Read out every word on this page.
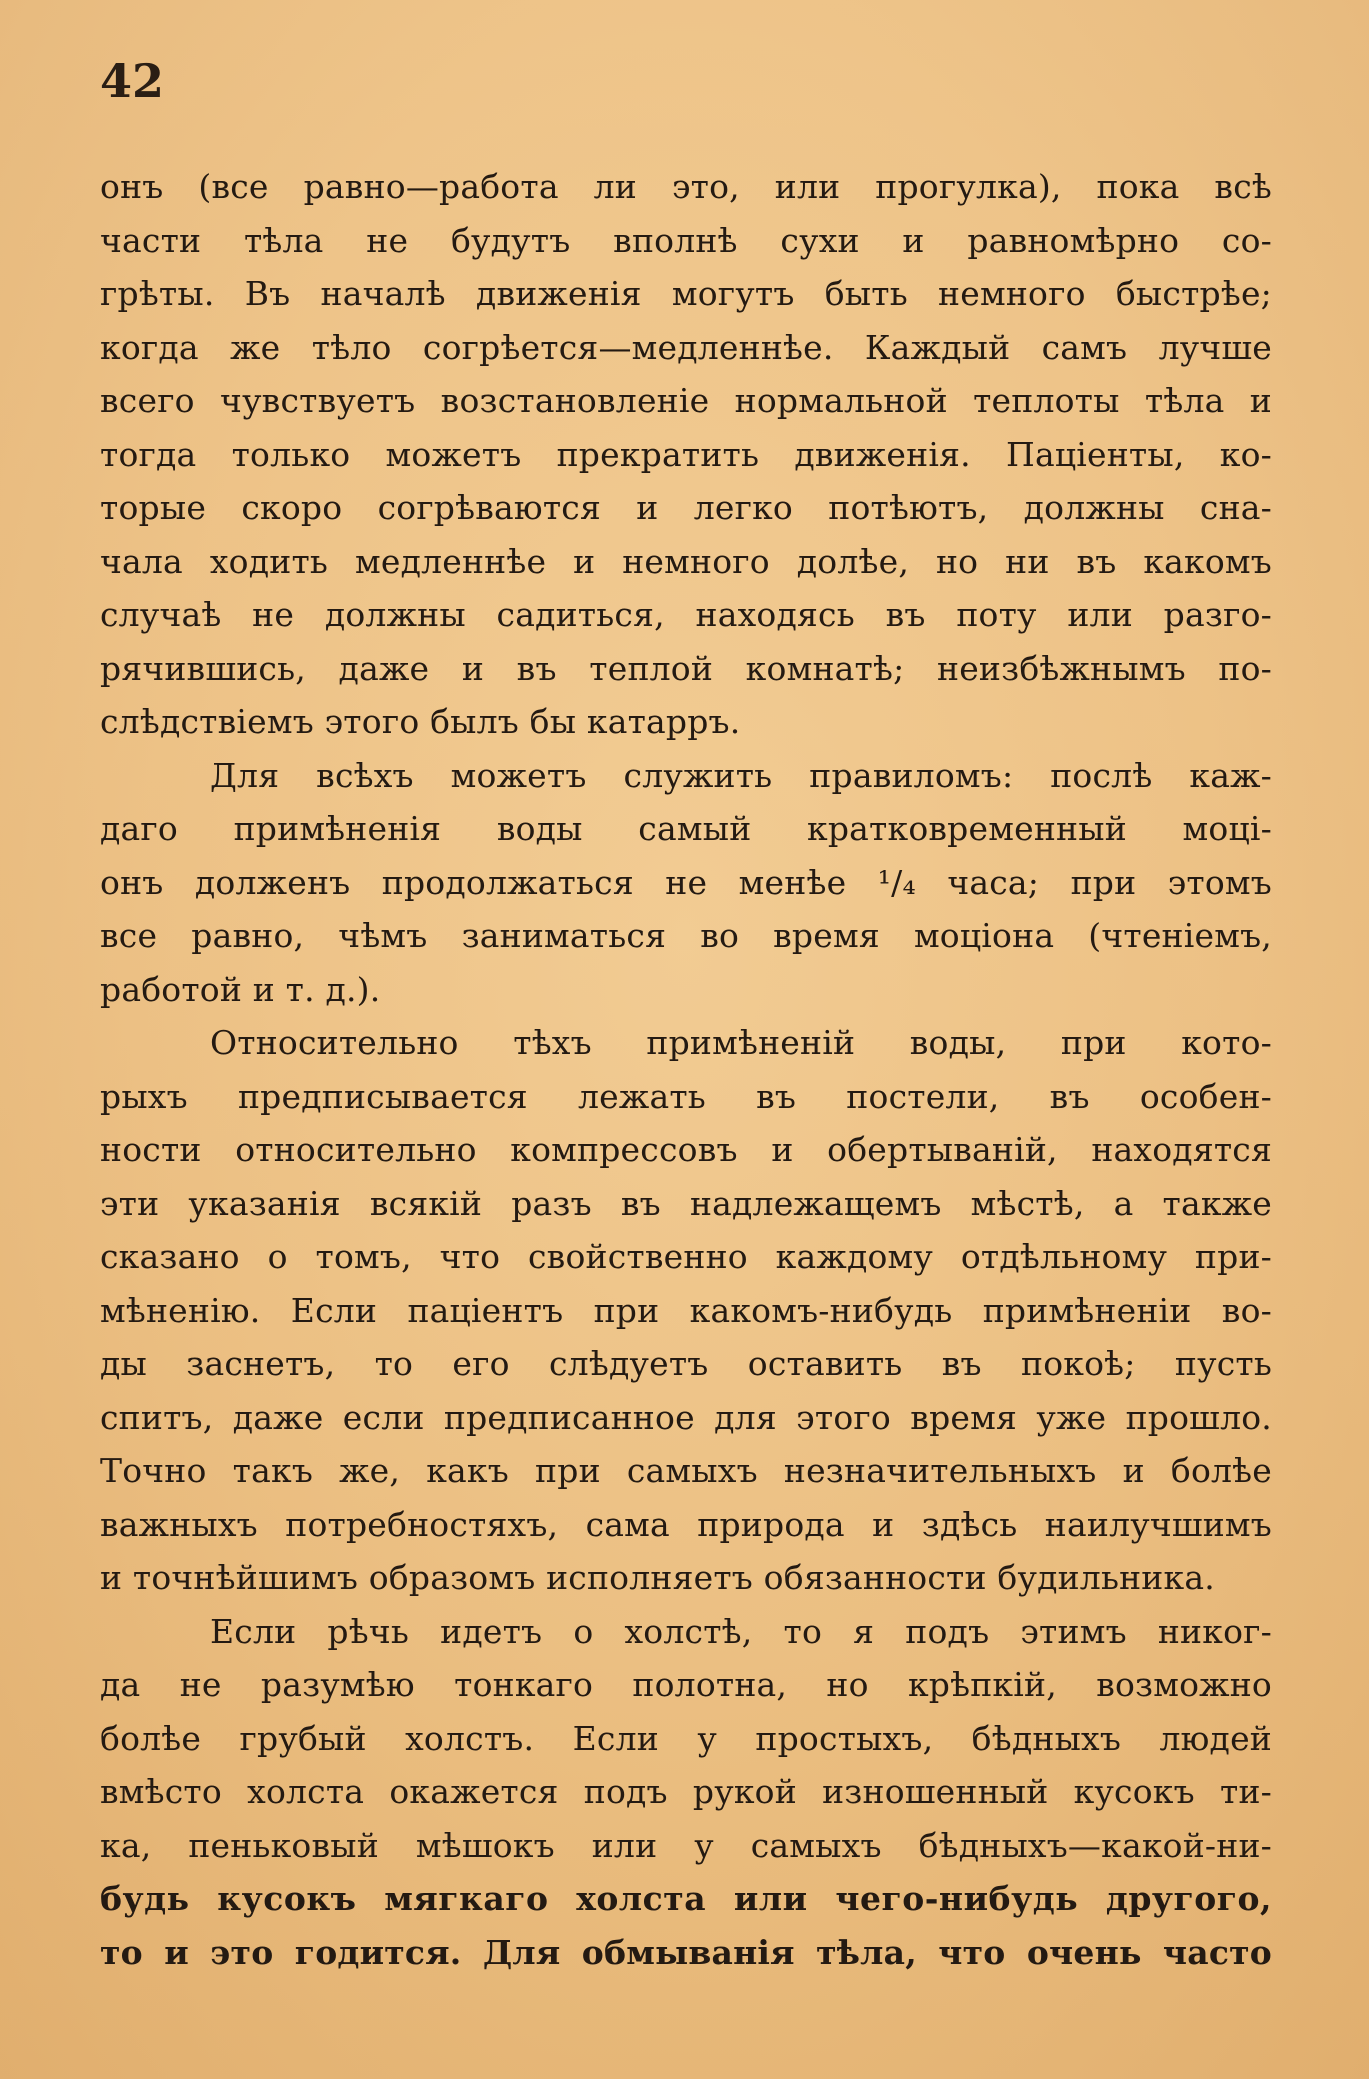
42

онъ (все равно—работа ли это, или прогулка), пока всѣ

части тѣла не будутъ вполнѣ сухи и равномѣрно со-

грѣты. Въ началѣ движенія могутъ быть немного быстрѣе;

когда же тѣло согрѣется—медленнѣе. Каждый самъ лучше

всего чувствуетъ возстановленіе нормальной теплоты тѣла и

тогда только можетъ прекратить движенія. Паціенты, ко-

торые скоро согрѣваются и легко потѣютъ, должны сна-

чала ходить медленнѣе и немного долѣе, но ни въ какомъ

случаѣ не должны садиться, находясь въ поту или разго-

рячившись, даже и въ теплой комнатѣ; неизбѣжнымъ по-

слѣдствіемъ этого былъ бы катарръ.

Для всѣхъ можетъ служить правиломъ: послѣ каж-

даго примѣненія воды самый кратковременный моці-

онъ долженъ продолжаться не менѣе ¹/₄ часа; при этомъ

все равно, чѣмъ заниматься во время моціона (чтеніемъ,

работой и т. д.).

Относительно тѣхъ примѣненій воды, при кото-

рыхъ предписывается лежать въ постели, въ особен-

ности относительно компрессовъ и обертываній, находятся

эти указанія всякій разъ въ надлежащемъ мѣстѣ, а также

сказано о томъ, что свойственно каждому отдѣльному при-

мѣненію. Если паціентъ при какомъ-нибудь примѣненіи во-

ды заснетъ, то его слѣдуетъ оставить въ покоѣ; пусть

спитъ, даже если предписанное для этого время уже прошло.

Точно такъ же, какъ при самыхъ незначительныхъ и болѣе

важныхъ потребностяхъ, сама природа и здѣсь наилучшимъ

и точнѣйшимъ образомъ исполняетъ обязанности будильника.

Если рѣчь идетъ о холстѣ, то я подъ этимъ никог-

да не разумѣю тонкаго полотна, но крѣпкій, возможно

болѣе грубый холстъ. Если у простыхъ, бѣдныхъ людей

вмѣсто холста окажется подъ рукой изношенный кусокъ ти-

ка, пеньковый мѣшокъ или у самыхъ бѣдныхъ—какой-ни-

будь кусокъ мягкаго холста или чего-нибудь другого,

то и это годится. Для обмыванія тѣла, что очень часто
